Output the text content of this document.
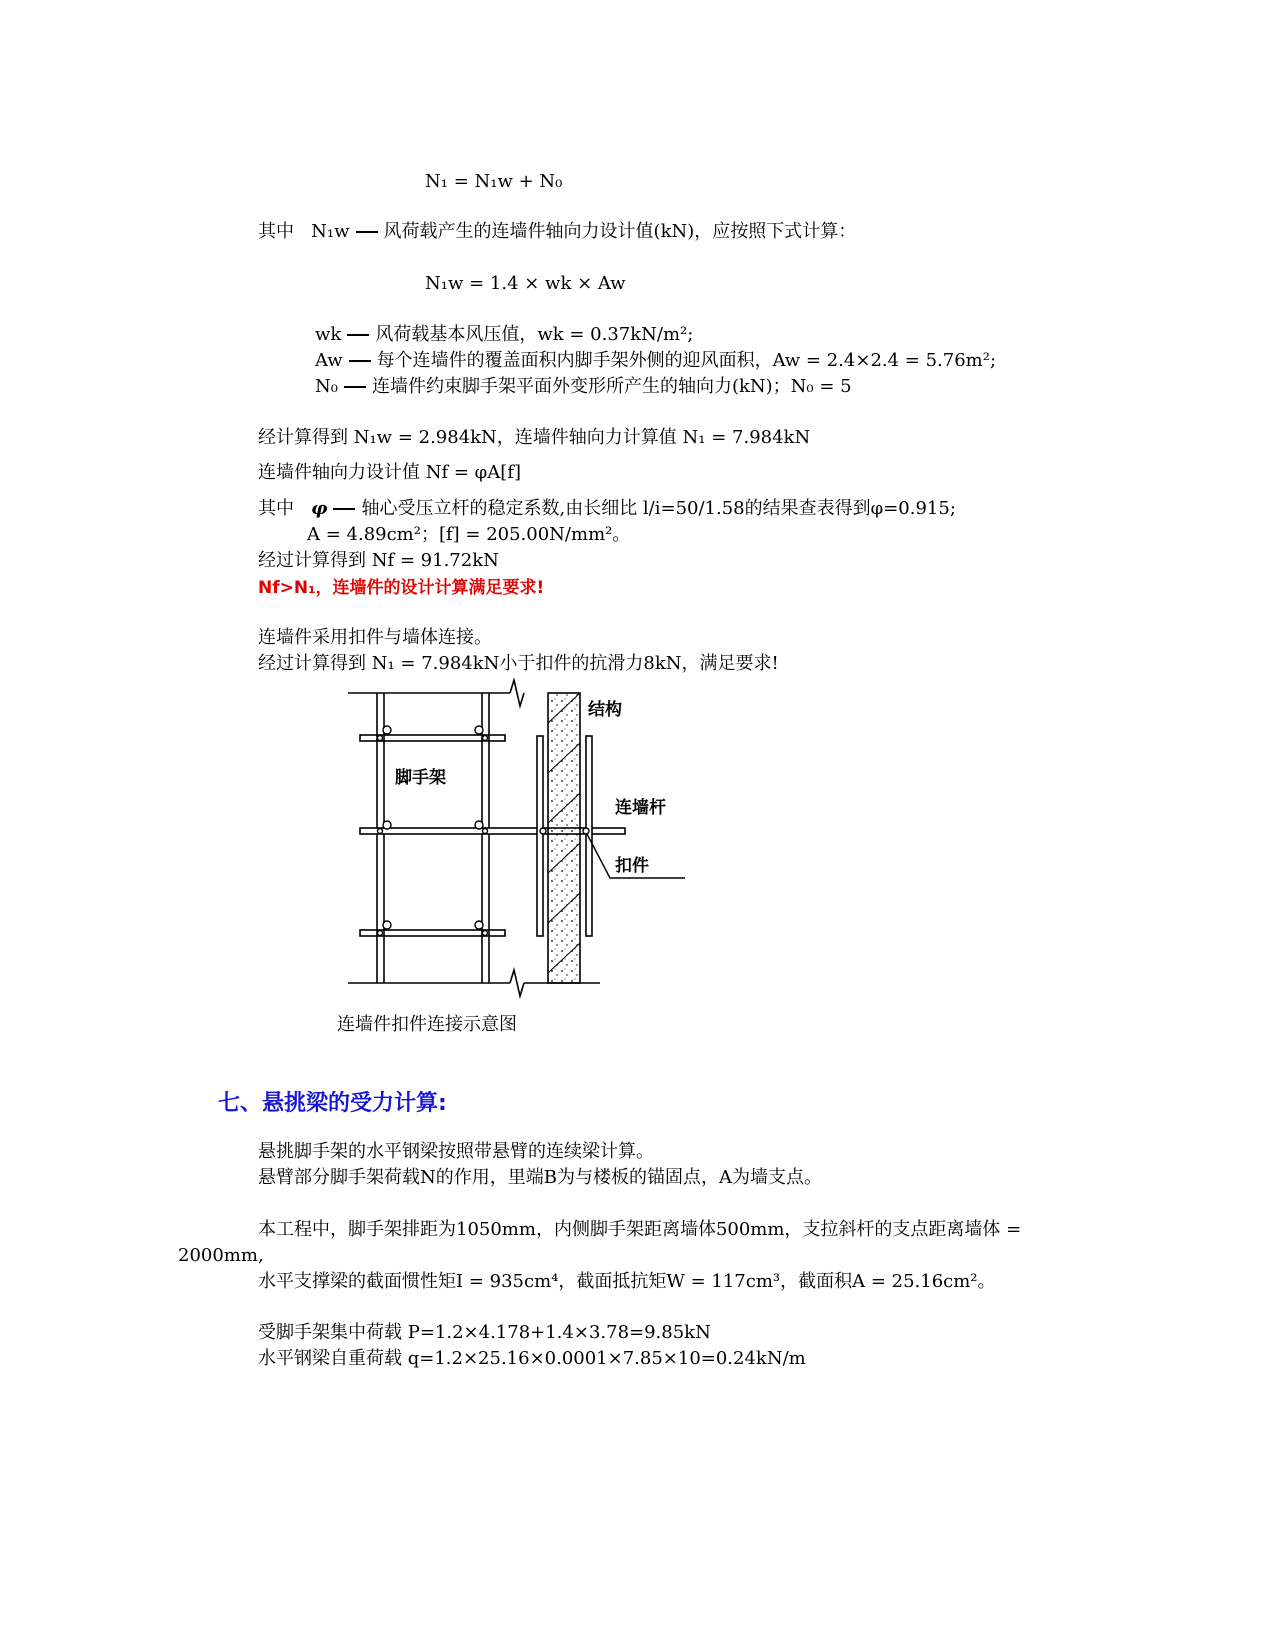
N₁ = N₁w + N₀
其中 N₁w 风荷载产生的连墙件轴向力设计值(kN)，应按照下式计算：
N₁w = 1.4 × wk × Aw
wk 风荷载基本风压值，wk = 0.37kN/m²;
Aw 每个连墙件的覆盖面积内脚手架外侧的迎风面积，Aw = 2.4×2.4 = 5.76m²;
N₀ 连墙件约束脚手架平面外变形所产生的轴向力(kN)；N₀ = 5
经计算得到 N₁w = 2.984kN，连墙件轴向力计算值 N₁ = 7.984kN
连墙件轴向力设计值 Nf = φA[f]
其中 φ 轴心受压立杆的稳定系数,由长细比 l/i=50/1.58的结果查表得到φ=0.915;
A = 4.89cm²；[f] = 205.00N/mm²。
经过计算得到 Nf = 91.72kN
Nf>N₁，连墙件的设计计算满足要求!
连墙件采用扣件与墙体连接。
经过计算得到 N₁ = 7.984kN小于扣件的抗滑力8kN，满足要求!
结构
脚手架
连墙杆
扣件
连墙件扣件连接示意图
七、悬挑梁的受力计算:
悬挑脚手架的水平钢梁按照带悬臂的连续梁计算。
悬臂部分脚手架荷载N的作用，里端B为与楼板的锚固点，A为墙支点。
本工程中，脚手架排距为1050mm，内侧脚手架距离墙体500mm，支拉斜杆的支点距离墙体 =
2000mm,
水平支撑梁的截面惯性矩I = 935cm⁴，截面抵抗矩W = 117cm³，截面积A = 25.16cm²。
受脚手架集中荷载 P=1.2×4.178+1.4×3.78=9.85kN
水平钢梁自重荷载 q=1.2×25.16×0.0001×7.85×10=0.24kN/m
